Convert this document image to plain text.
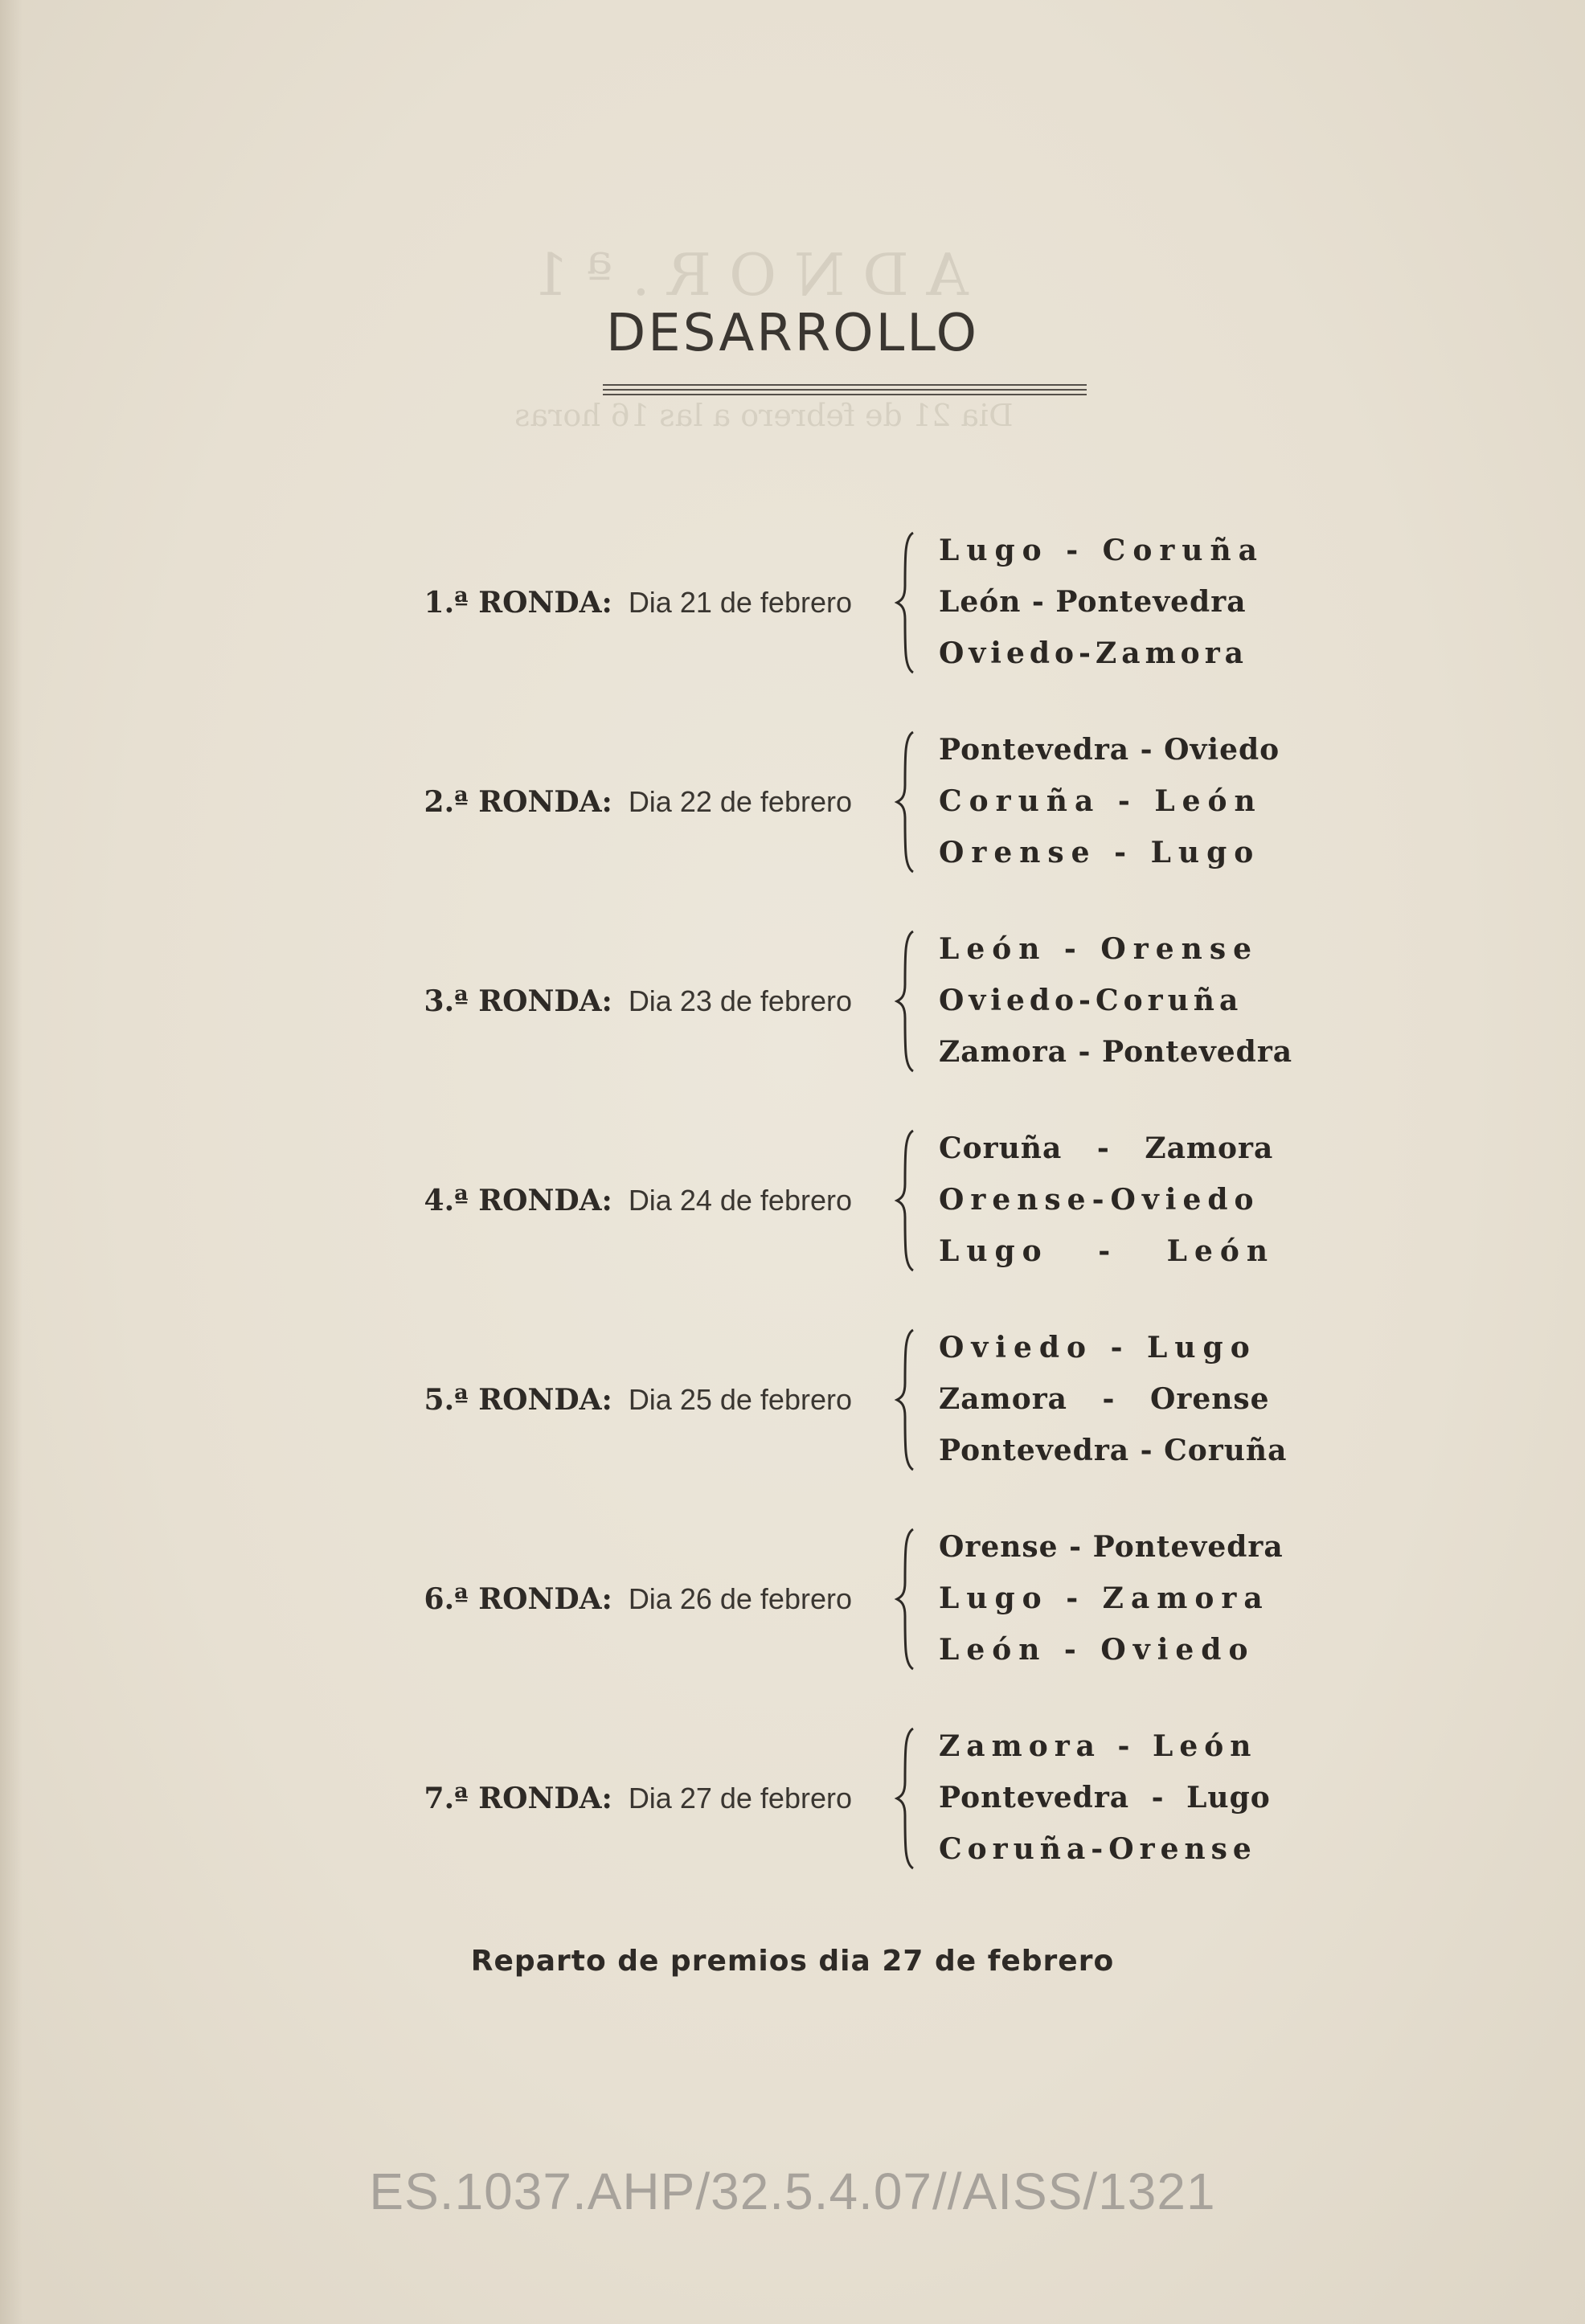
ADNOR.ª1
Dia 21 de febrero a las 16 horas
DESARROLLO
1.ª RONDA: Dia 21 de febrero
Lugo - Coruña
León - Pontevedra
Oviedo-Zamora
2.ª RONDA: Dia 22 de febrero
Pontevedra - Oviedo
Coruña - León
Orense - Lugo
3.ª RONDA: Dia 23 de febrero
León - Orense
Oviedo-Coruña
Zamora - Pontevedra
4.ª RONDA: Dia 24 de febrero
Coruña - Zamora
Orense-Oviedo
Lugo - León
5.ª RONDA: Dia 25 de febrero
Oviedo - Lugo
Zamora - Orense
Pontevedra - Coruña
6.ª RONDA: Dia 26 de febrero
Orense - Pontevedra
Lugo - Zamora
León - Oviedo
7.ª RONDA: Dia 27 de febrero
Zamora - León
Pontevedra - Lugo
Coruña-Orense
Reparto de premios dia 27 de febrero
ES.1037.AHP/32.5.4.07//AISS/1321
